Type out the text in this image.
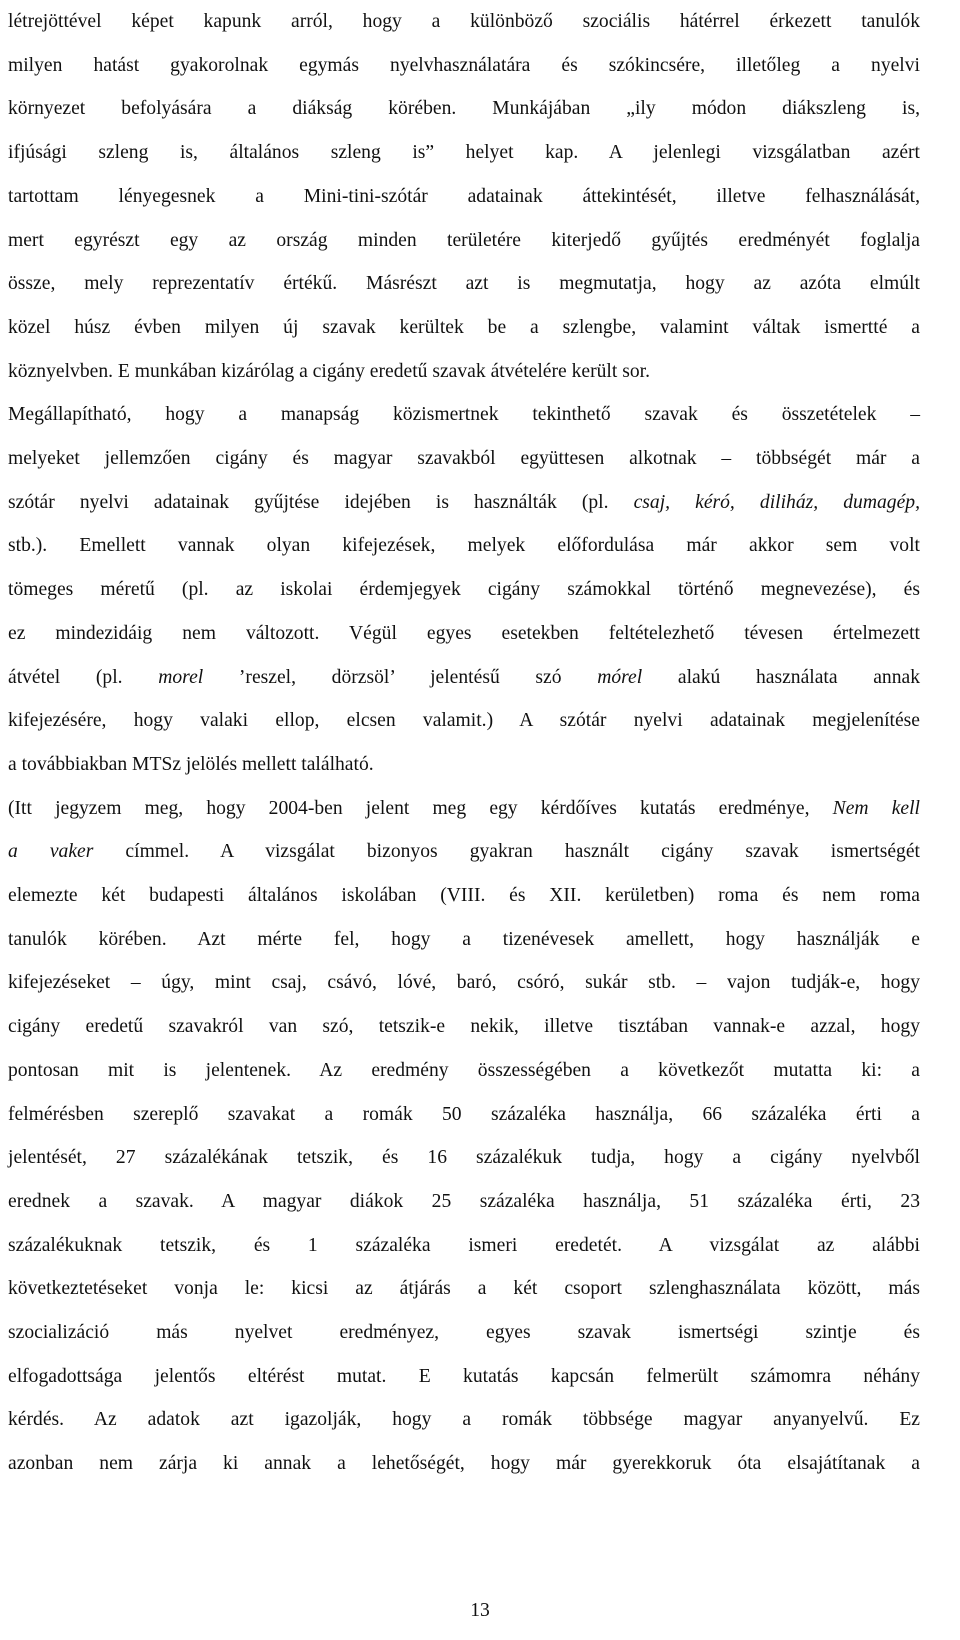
létrejöttével képet kapunk arról, hogy a különböző szociális hátérrel érkezett tanulók
milyen hatást gyakorolnak egymás nyelvhasználatára és szókincsére, illetőleg a nyelvi
környezet befolyására a diákság körében. Munkájában „ily módon diákszleng is,
ifjúsági szleng is, általános szleng is” helyet kap. A jelenlegi vizsgálatban azért
tartottam lényegesnek a Mini-tini-szótár adatainak áttekintését, illetve felhasználását,
mert egyrészt egy az ország minden területére kiterjedő gyűjtés eredményét foglalja
össze, mely reprezentatív értékű. Másrészt azt is megmutatja, hogy az azóta elmúlt
közel húsz évben milyen új szavak kerültek be a szlengbe, valamint váltak ismertté a
köznyelvben. E munkában kizárólag a cigány eredetű szavak átvételére került sor.
Megállapítható, hogy a manapság közismertnek tekinthető szavak és összetételek –
melyeket jellemzően cigány és magyar szavakból együttesen alkotnak – többségét már a
szótár nyelvi adatainak gyűjtése idejében is használták (pl. csaj, kéró, diliház, dumagép,
stb.). Emellett vannak olyan kifejezések, melyek előfordulása már akkor sem volt
tömeges méretű (pl. az iskolai érdemjegyek cigány számokkal történő megnevezése), és
ez mindezidáig nem változott. Végül egyes esetekben feltételezhető tévesen értelmezett
átvétel (pl. morel ’reszel, dörzsöl’ jelentésű szó mórel alakú használata annak
kifejezésére, hogy valaki ellop, elcsen valamit.) A szótár nyelvi adatainak megjelenítése
a továbbiakban MTSz jelölés mellett található.
(Itt jegyzem meg, hogy 2004-ben jelent meg egy kérdőíves kutatás eredménye, Nem kell
a vaker címmel. A vizsgálat bizonyos gyakran használt cigány szavak ismertségét
elemezte két budapesti általános iskolában (VIII. és XII. kerületben) roma és nem roma
tanulók körében. Azt mérte fel, hogy a tizenévesek amellett, hogy használják e
kifejezéseket – úgy, mint csaj, csávó, lóvé, baró, csóró, sukár stb. – vajon tudják-e, hogy
cigány eredetű szavakról van szó, tetszik-e nekik, illetve tisztában vannak-e azzal, hogy
pontosan mit is jelentenek. Az eredmény összességében a következőt mutatta ki: a
felmérésben szereplő szavakat a romák 50 százaléka használja, 66 százaléka érti a
jelentését, 27 százalékának tetszik, és 16 százalékuk tudja, hogy a cigány nyelvből
erednek a szavak. A magyar diákok 25 százaléka használja, 51 százaléka érti, 23
százalékuknak tetszik, és 1 százaléka ismeri eredetét. A vizsgálat az alábbi
következtetéseket vonja le: kicsi az átjárás a két csoport szlenghasználata között, más
szocializáció más nyelvet eredményez, egyes szavak ismertségi szintje és
elfogadottsága jelentős eltérést mutat. E kutatás kapcsán felmerült számomra néhány
kérdés. Az adatok azt igazolják, hogy a romák többsége magyar anyanyelvű. Ez
azonban nem zárja ki annak a lehetőségét, hogy már gyerekkoruk óta elsajátítanak a
13
